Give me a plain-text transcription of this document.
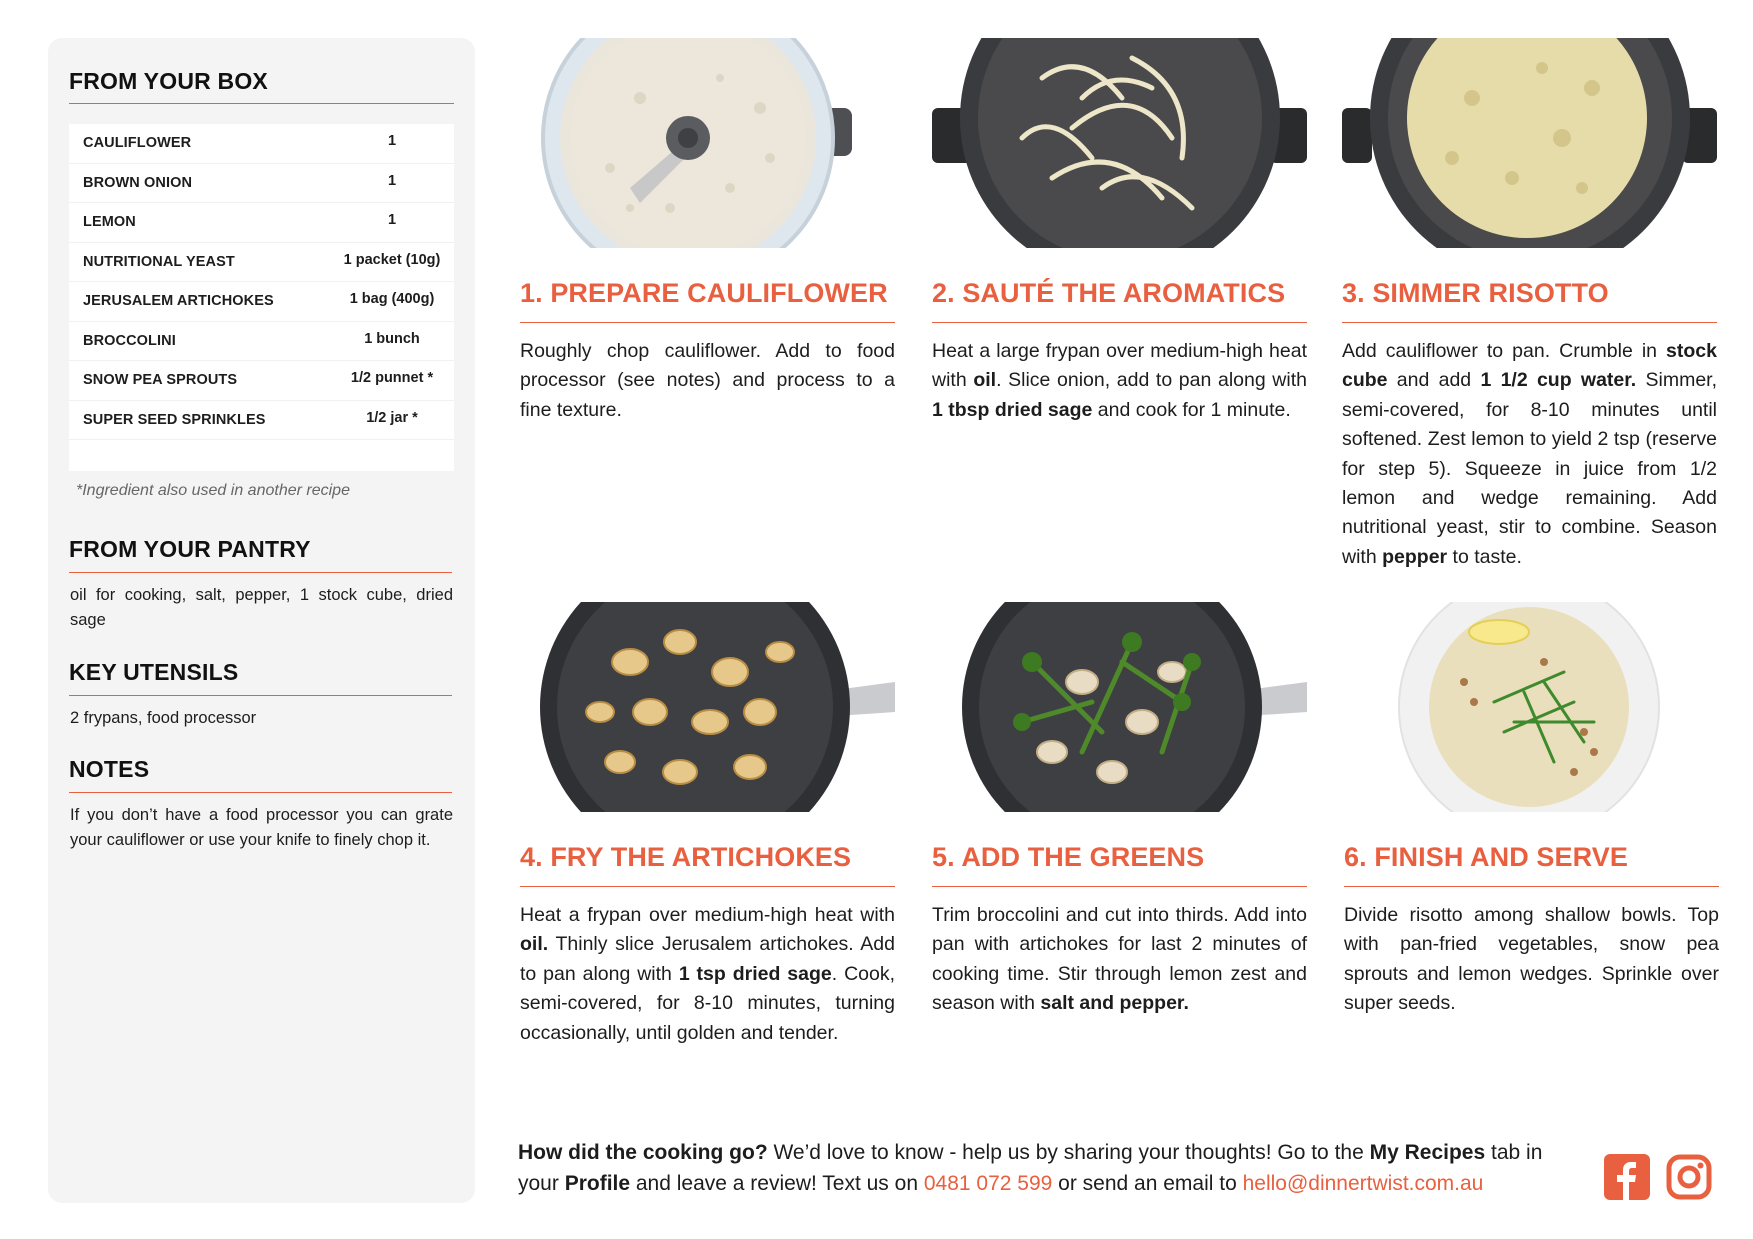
FROM YOUR BOX
CAULIFLOWER	1
BROWN ONION	1
LEMON	1
NUTRITIONAL YEAST	1 packet (10g)
JERUSALEM ARTICHOKES	1 bag (400g)
BROCCOLINI	1 bunch
SNOW PEA SPROUTS	1/2 punnet *
SUPER SEED SPRINKLES	1/2 jar *
*Ingredient also used in another recipe
FROM YOUR PANTRY
oil for cooking, salt, pepper, 1 stock cube, dried sage
KEY UTENSILS
2 frypans, food processor
NOTES
If you don’t have a food processor you can grate your cauliflower or use your knife to finely chop it.
1. PREPARE CAULIFLOWER
Roughly chop cauliflower. Add to food processor (see notes) and process to a fine texture.
2. SAUTÉ THE AROMATICS
Heat a large frypan over medium-high heat with oil. Slice onion, add to pan along with 1 tbsp dried sage and cook for 1 minute.
3. SIMMER RISOTTO
Add cauliflower to pan. Crumble in stock cube and add 1 1/2 cup water. Simmer, semi-covered, for 8-10 minutes until softened. Zest lemon to yield 2 tsp (reserve for step 5). Squeeze in juice from 1/2 lemon and wedge remaining. Add nutritional yeast, stir to combine. Season with pepper to taste.
4. FRY THE ARTICHOKES
Heat a frypan over medium-high heat with oil. Thinly slice Jerusalem artichokes. Add to pan along with 1 tsp dried sage. Cook, semi-covered, for 8-10 minutes, turning occasionally, until golden and tender.
5. ADD THE GREENS
Trim broccolini and cut into thirds. Add into pan with artichokes for last 2 minutes of cooking time. Stir through lemon zest and season with salt and pepper.
6. FINISH AND SERVE
Divide risotto among shallow bowls. Top with pan-fried vegetables, snow pea sprouts and lemon wedges. Sprinkle over super seeds.
How did the cooking go? We’d love to know - help us by sharing your thoughts! Go to the My Recipes tab in your Profile and leave a review! Text us on 0481 072 599 or send an email to hello@dinnertwist.com.au
